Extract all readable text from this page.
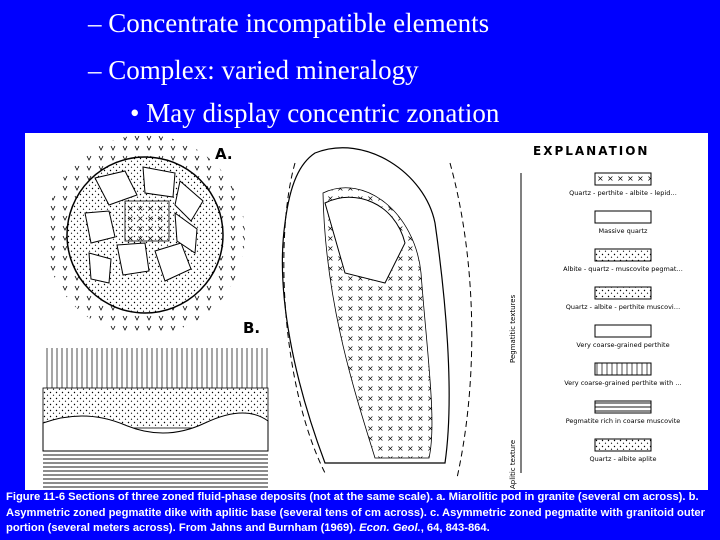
– Concentrate incompatible elements
– Complex: varied mineralogy
• May display concentric zonation
A.
B.
EXPLANATION
Pegmatitic textures
Aplitic texture
Quartz - perthite - albite - lepid…
Massive quartz
Albite - quartz - muscovite pegmat…
Quartz - albite - perthite muscovi…
Very coarse-grained perthite
Very coarse-grained perthite with …
Pegmatite rich in coarse muscovite
Quartz - albite aplite
Figure 11-6 Sections of three zoned fluid-phase deposits (not at the same scale). a. Miarolitic pod in granite (several cm across). b. Asymmetric zoned pegmatite dike with aplitic base (several tens of cm across). c. Asymmetric zoned pegmatite with granitoid outer portion (several meters across). From Jahns and Burnham (1969). Econ. Geol., 64, 843-864.
